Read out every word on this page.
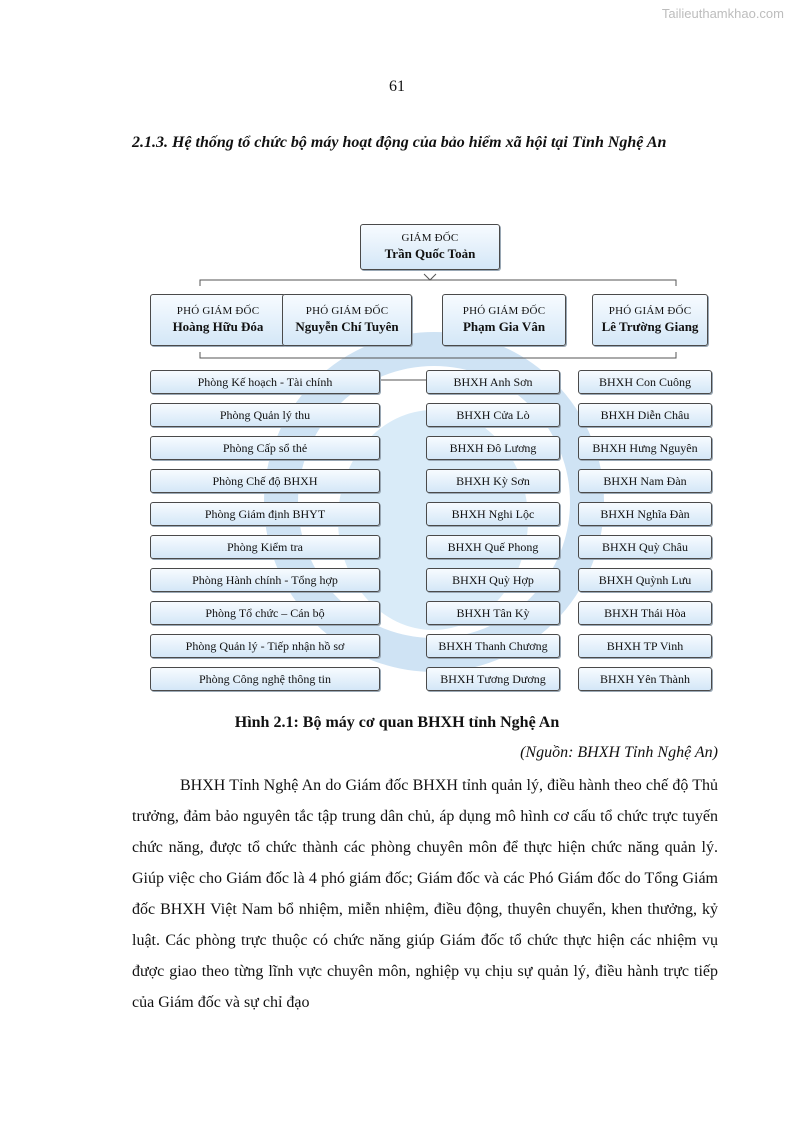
Tailieuthamkhao.com
61
2.1.3. Hệ thống tổ chức bộ máy hoạt động của bảo hiểm xã hội tại Tỉnh Nghệ An
GIÁM ĐỐC
Trần Quốc Toản
PHÓ GIÁM ĐỐC
Hoàng Hữu Đóa
PHÓ GIÁM ĐỐC
Nguyễn Chí Tuyên
PHÓ GIÁM ĐỐC
Phạm Gia Vân
PHÓ GIÁM ĐỐC
Lê Trường Giang
Phòng Kế hoạch - Tài chính
Phòng Quản lý thu
Phòng Cấp sổ thẻ
Phòng Chế độ BHXH
Phòng Giám định BHYT
Phòng Kiểm tra
Phòng Hành chính - Tổng hợp
Phòng Tổ chức – Cán bộ
Phòng Quản lý - Tiếp nhận hồ sơ
Phòng Công nghệ thông tin
BHXH Anh Sơn
BHXH Cửa Lò
BHXH Đô Lương
BHXH Kỳ Sơn
BHXH Nghi Lộc
BHXH Quế Phong
BHXH Quỳ Hợp
BHXH Tân Kỳ
BHXH Thanh Chương
BHXH Tương Dương
BHXH Con Cuông
BHXH Diễn Châu
BHXH Hưng Nguyên
BHXH Nam Đàn
BHXH Nghĩa Đàn
BHXH Quỳ Châu
BHXH Quỳnh Lưu
BHXH Thái Hòa
BHXH TP Vinh
BHXH Yên Thành
Hình 2.1: Bộ máy cơ quan BHXH tỉnh Nghệ An
(Nguồn: BHXH Tỉnh Nghệ An)
BHXH Tỉnh Nghệ An do Giám đốc BHXH tỉnh quản lý, điều hành theo chế độ Thủ trưởng, đảm bảo nguyên tắc tập trung dân chủ, áp dụng mô hình cơ cấu tổ chức trực tuyến chức năng, được tổ chức thành các phòng chuyên môn để thực hiện chức năng quản lý. Giúp việc cho Giám đốc là 4 phó giám đốc; Giám đốc và các Phó Giám đốc do Tổng Giám đốc BHXH Việt Nam bổ nhiệm, miễn nhiệm, điều động, thuyên chuyển, khen thưởng, kỷ luật. Các phòng trực thuộc có chức năng giúp Giám đốc tổ chức thực hiện các nhiệm vụ được giao theo từng lĩnh vực chuyên môn, nghiệp vụ chịu sự quản lý, điều hành trực tiếp của Giám đốc và sự chỉ đạo
